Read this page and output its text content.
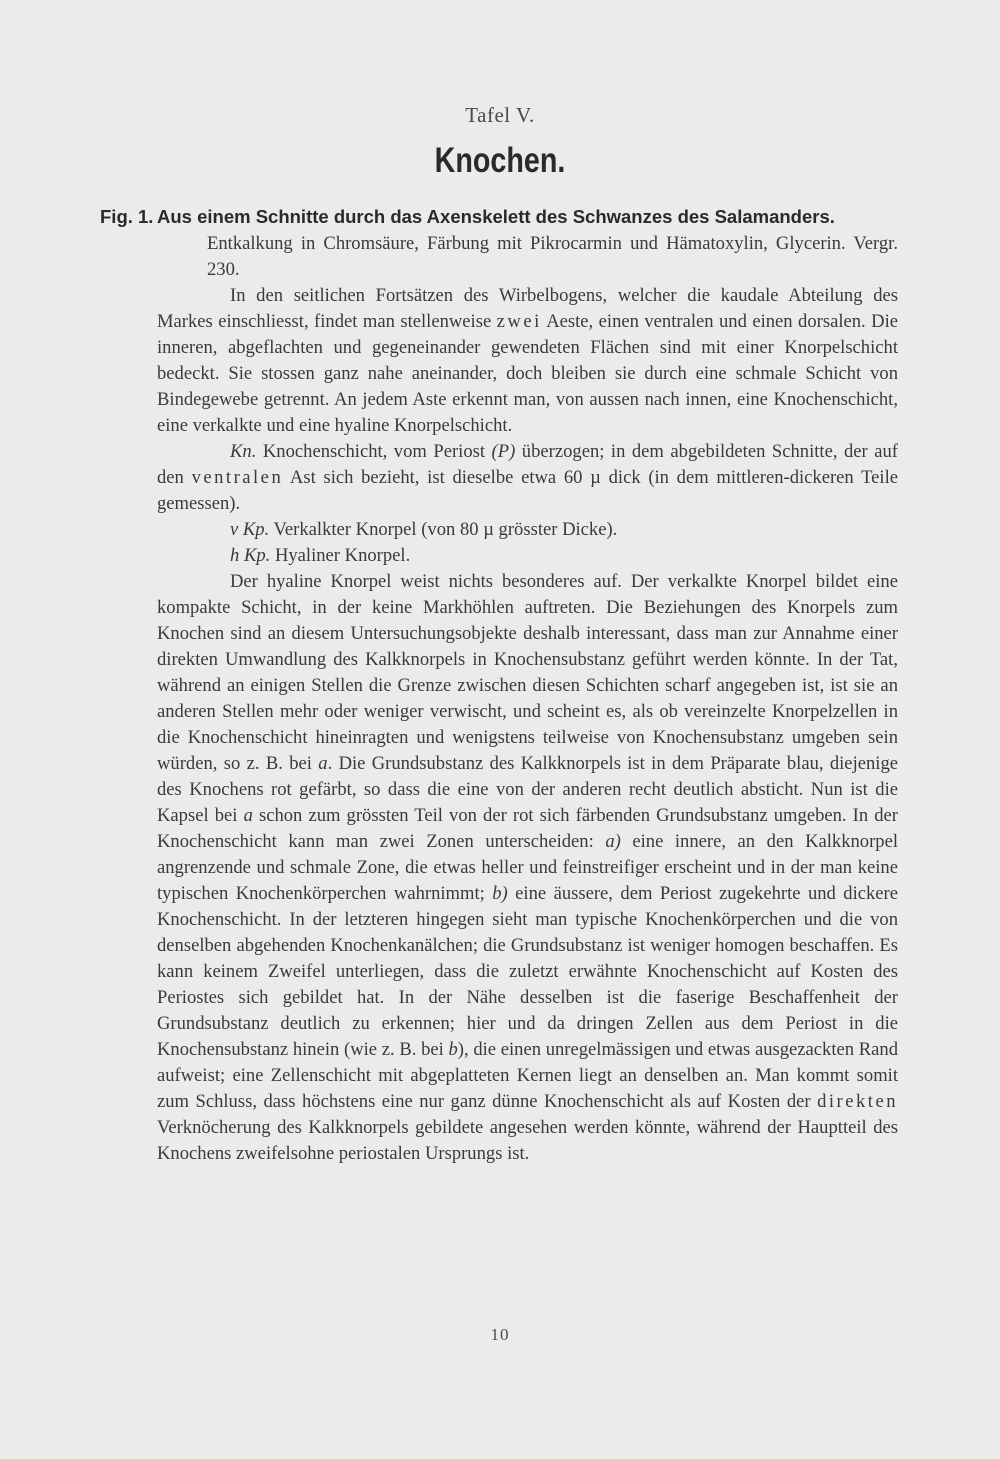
Tafel V.
Knochen.
Fig. 1. Aus einem Schnitte durch das Axenskelett des Schwanzes des Salamanders.

Entkalkung in Chromsäure, Färbung mit Pikrocarmin und Hämatoxylin, Glycerin. Vergr. 230.

In den seitlichen Fortsätzen des Wirbelbogens, welcher die kaudale Abteilung des Markes einschliesst, findet man stellenweise zwei Aeste, einen ventralen und einen dorsalen. Die inneren, abgeflachten und gegeneinander gewendeten Flächen sind mit einer Knorpelschicht bedeckt. Sie stossen ganz nahe aneinander, doch bleiben sie durch eine schmale Schicht von Bindegewebe getrennt. An jedem Aste erkennt man, von aussen nach innen, eine Knochenschicht, eine verkalkte und eine hyaline Knorpelschicht.

Kn. Knochenschicht, vom Periost (P) überzogen; in dem abgebildeten Schnitte, der auf den ventralen Ast sich bezieht, ist dieselbe etwa 60 µ dick (in dem mittleren-dickeren Teile gemessen).

v Kp. Verkalkter Knorpel (von 80 µ grösster Dicke).

h Kp. Hyaliner Knorpel.

Der hyaline Knorpel weist nichts besonderes auf. Der verkalkte Knorpel bildet eine kompakte Schicht, in der keine Markhöhlen auftreten. Die Beziehungen des Knorpels zum Knochen sind an diesem Untersuchungsobjekte deshalb interessant, dass man zur Annahme einer direkten Umwandlung des Kalkknorpels in Knochensubstanz geführt werden könnte. In der Tat, während an einigen Stellen die Grenze zwischen diesen Schichten scharf angegeben ist, ist sie an anderen Stellen mehr oder weniger verwischt, und scheint es, als ob vereinzelte Knorpelzellen in die Knochenschicht hineinragten und wenigstens teilweise von Knochensubstanz umgeben sein würden, so z. B. bei a. Die Grundsubstanz des Kalkknorpels ist in dem Präparate blau, diejenige des Knochens rot gefärbt, so dass die eine von der anderen recht deutlich absticht. Nun ist die Kapsel bei a schon zum grössten Teil von der rot sich färbenden Grundsubstanz umgeben. In der Knochenschicht kann man zwei Zonen unterscheiden: a) eine innere, an den Kalkknorpel angrenzende und schmale Zone, die etwas heller und feinstreifiger erscheint und in der man keine typischen Knochenkörperchen wahrnimmt; b) eine äussere, dem Periost zugekehrte und dickere Knochenschicht. In der letzteren hingegen sieht man typische Knochenkörperchen und die von denselben abgehenden Knochenkanälchen; die Grundsubstanz ist weniger homogen beschaffen. Es kann keinem Zweifel unterliegen, dass die zuletzt erwähnte Knochenschicht auf Kosten des Periostes sich gebildet hat. In der Nähe desselben ist die faserige Beschaffenheit der Grundsubstanz deutlich zu erkennen; hier und da dringen Zellen aus dem Periost in die Knochensubstanz hinein (wie z. B. bei b), die einen unregelmässigen und etwas ausgezackten Rand aufweist; eine Zellenschicht mit abgeplatteten Kernen liegt an denselben an. Man kommt somit zum Schluss, dass höchstens eine nur ganz dünne Knochenschicht als auf Kosten der direkten Verknöcherung des Kalkknorpels gebildete angesehen werden könnte, während der Hauptteil des Knochens zweifelsohne periostalen Ursprungs ist.

10
